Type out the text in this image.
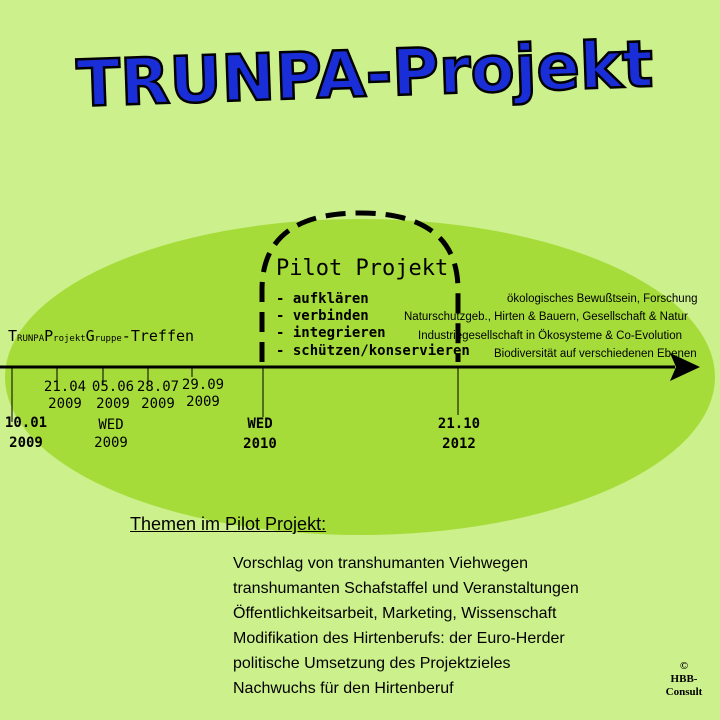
TRUNPA-Projekt
Pilot Projekt
- aufklären
- verbinden
- integrieren
- schützen/konservieren
ökologisches Bewußtsein, Forschung
Naturschutzgeb., Hirten & Bauern, Gesellschaft & Natur
Industriegesellschaft in Ökosysteme & Co-Evolution
Biodiversität auf verschiedenen Ebenen
TRUNPAProjektGruppe-Treffen
21.04
2009
05.06
2009
28.07
2009
29.09
2009
10.01
2009
WED
2009
WED
2010
21.10
2012
Themen im Pilot Projekt:
Vorschlag von transhumanten Viehwegen
transhumanten Schafstaffel und Veranstaltungen
Öffentlichkeitsarbeit, Marketing, Wissenschaft
Modifikation des Hirtenberufs: der Euro-Herder
politische Umsetzung des Projektzieles
Nachwuchs für den Hirtenberuf
©
HBB-
Consult
